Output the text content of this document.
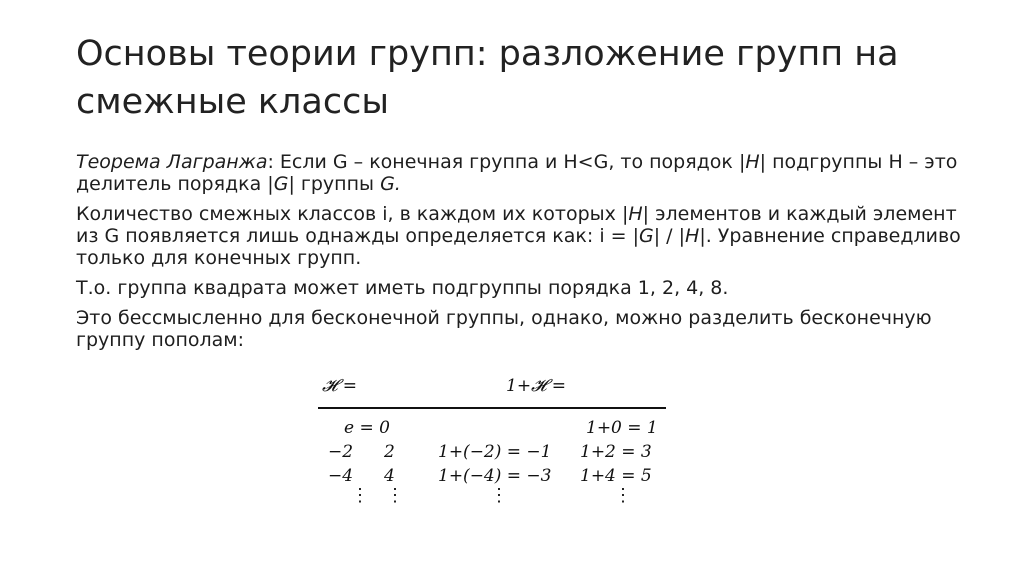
Основы теории групп: разложение групп на смежные классы

Теорема Лагранжа: Если G – конечная группа и H<G, то порядок |H| подгруппы H – это делитель порядка |G| группы G.

Количество смежных классов i, в каждом их которых |H| элементов и каждый элемент из G появляется лишь однажды определяется как: i = |G| / |H|. Уравнение справедливо только для конечных групп.

Т.о. группа квадрата может иметь подгруппы порядка 1, 2, 4, 8.

Это бессмысленно для бесконечной группы, однако, можно разделить бесконечную группу пополам:

𝓗 =	1+𝓗 =
e = 0	1+0 = 1
−2 2	1+(−2) = −1 1+2 = 3
−4 4	1+(−4) = −3 1+4 = 5
⋮ ⋮	⋮	⋮
